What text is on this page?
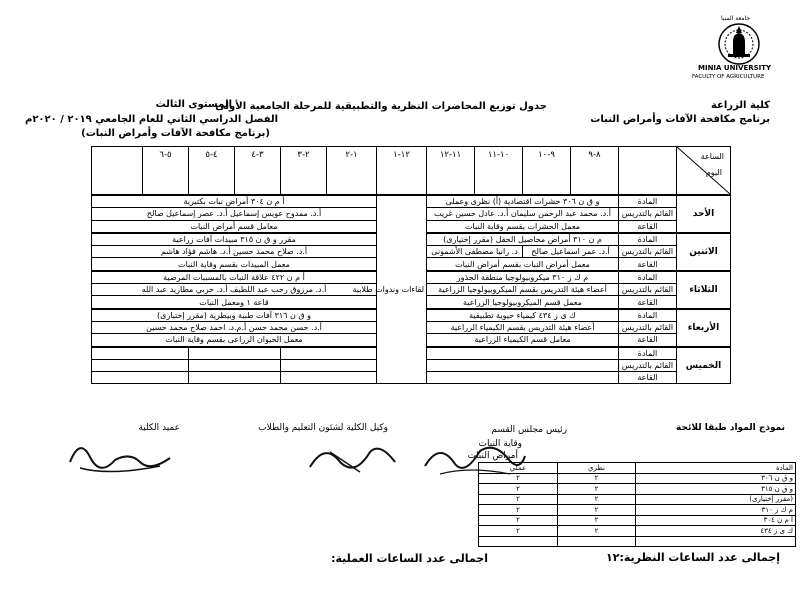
جامعة المنيا
MINIA UNIVERSITY
FACULTY OF AGRICULTURE
كلية الزراعة
برنامج مكافحة الآفات وأمراض النبات
جدول توزيع المحاضرات النظرية والتطبيقية للمرحلة الجامعية الأولى
المستوى الثالث
الفصل الدراسي الثاني للعام الجامعي ٢٠١٩ / ٢٠٢٠م
(برنامج مكافحة الآفات وأمراض النبات)
الساعة
اليوم		٨-٩	٩-١٠	١٠-١١	١١-١٢	١٢-١	١-٢	٢-٣	٣-٤	٤-٥	٥-٦	
الأحد	المادة	و ق ن ٣٠٦ حشرات اقتصادية (أ) نظرى وعملى				لقاءات وندوات طلابية	أ م ن ٣٠٤ أمراض نبات بكتيرية					
	القائم بالتدريس	أ.د. محمد عبد الرحمن سليمان أ.د. عادل حسين غريب					أ.د. ممدوح عويس إسماعيل أ.د. عصر إسماعيل صالح					
	القاعة	معمل الحشرات بقسم وقاية النبات					معامل قسم أمراض النبات					
الاثنين	المادة	م ن ٣١٠ أمراض محاصيل الحقل (مقرر إختيارى)					مقرر و ق ن ٣١٥ مبيدات آفات زراعية					
	القائم بالتدريس	أ.د. عمر اسماعيل صالح		د. رانيا مصطفى الأشمونى			أ.د. صلاح محمد حسين أ.د. هاشم فؤاد هاشم					
	القاعة	معمل أمراض النبات بقسم أمراض النبات					معمل المبيدات بقسم وقاية النبات					
الثلاثاء	المادة	م ك ز ٣١٠ ميكروبيولوجيا منطقة الجذور					أ م ن ٤٢٢ علاقة النبات بالمسببات المرضية					
	القائم بالتدريس	أعضاء هيئة التدريس بقسم الميكروبيولوجيا الزراعية					أ.د. مرزوق رجب عبد اللطيف أ.د. حربي مطاريد عبد الله					
	القاعة	معمل قسم الميكروبيولوجيا الزراعية					قاعة ١ ومعمل النبات					
الأربعاء	المادة	ك ى ز ٤٣٤ كيمياء حيوية تطبيقية					و ق ن ٣١٦ آفات طبية وبيطرية (مقرر إختيارى)					
	القائم بالتدريس	أعضاء هيئة التدريس بقسم الكيمياء الزراعية					أ.د. حسن محمد حسن أ.م.د. احمد صلاح محمد حسين					
	القاعة	معامل قسم الكيمياء الزراعية					معمل الحيوان الزراعى بقسم وقاية النبات					
الخميس	المادة											
	القائم بالتدريس											
	القاعة											
نموذج المواد طبقا للائحة
رئيس مجلس القسم
وقاية النبات
أمراض النبات
وكيل الكلية لشئون التعليم والطلاب
عميد الكلية
المادة	نظري	عملي
و ق ن ٣٠٦	٢	٢
و ق ن ٣١٥	٢	٢
(مقرر إختيارى)	٢	٢
م ك ز ٣١٠	٢	٢
أ م ن ٣٠٤	٢	٢
ك ى ز ٤٣٤	٢	٢

إجمالى عدد الساعات النظرية:١٢
اجمالى عدد الساعات العملية:
